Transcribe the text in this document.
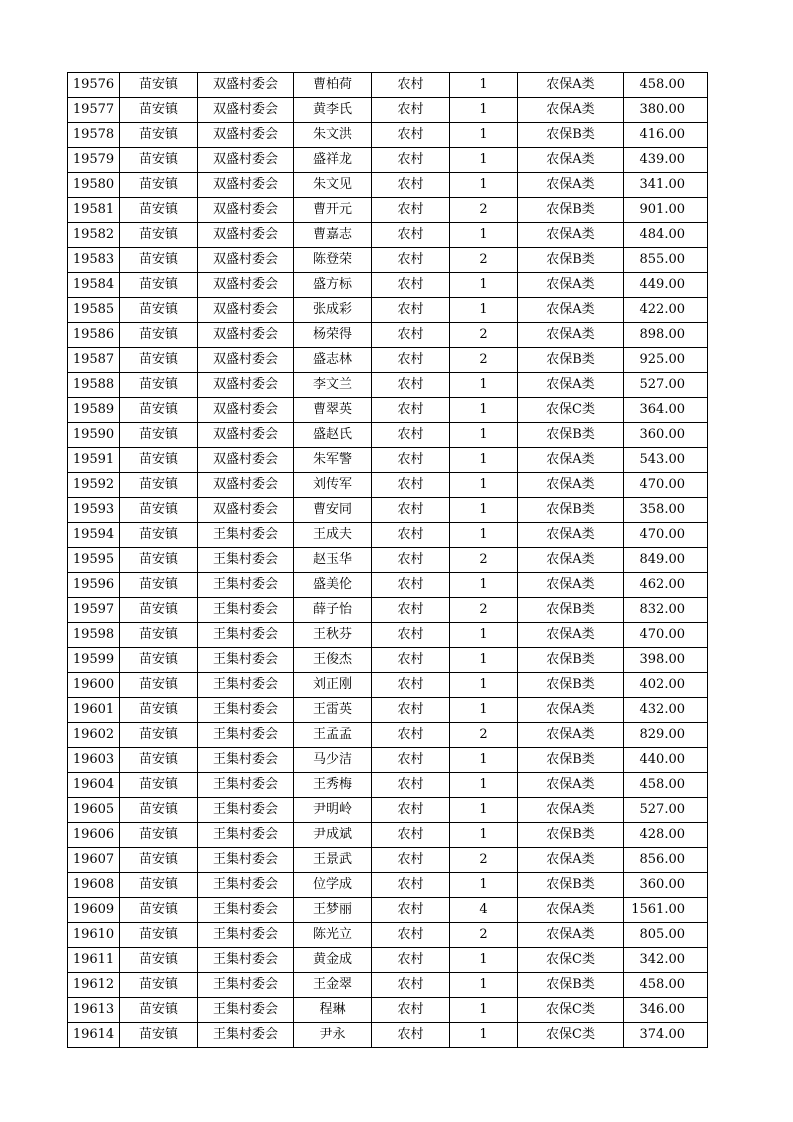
19576	苗安镇	双盛村委会	曹柏荷	农村	1	农保A类	458.00
19577	苗安镇	双盛村委会	黄李氏	农村	1	农保A类	380.00
19578	苗安镇	双盛村委会	朱文洪	农村	1	农保B类	416.00
19579	苗安镇	双盛村委会	盛祥龙	农村	1	农保A类	439.00
19580	苗安镇	双盛村委会	朱文见	农村	1	农保A类	341.00
19581	苗安镇	双盛村委会	曹开元	农村	2	农保B类	901.00
19582	苗安镇	双盛村委会	曹嘉志	农村	1	农保A类	484.00
19583	苗安镇	双盛村委会	陈登荣	农村	2	农保B类	855.00
19584	苗安镇	双盛村委会	盛方标	农村	1	农保A类	449.00
19585	苗安镇	双盛村委会	张成彩	农村	1	农保A类	422.00
19586	苗安镇	双盛村委会	杨荣得	农村	2	农保A类	898.00
19587	苗安镇	双盛村委会	盛志林	农村	2	农保B类	925.00
19588	苗安镇	双盛村委会	李文兰	农村	1	农保A类	527.00
19589	苗安镇	双盛村委会	曹翠英	农村	1	农保C类	364.00
19590	苗安镇	双盛村委会	盛赵氏	农村	1	农保B类	360.00
19591	苗安镇	双盛村委会	朱军警	农村	1	农保A类	543.00
19592	苗安镇	双盛村委会	刘传军	农村	1	农保A类	470.00
19593	苗安镇	双盛村委会	曹安同	农村	1	农保B类	358.00
19594	苗安镇	王集村委会	王成夫	农村	1	农保A类	470.00
19595	苗安镇	王集村委会	赵玉华	农村	2	农保A类	849.00
19596	苗安镇	王集村委会	盛美伦	农村	1	农保A类	462.00
19597	苗安镇	王集村委会	薛子怡	农村	2	农保B类	832.00
19598	苗安镇	王集村委会	王秋芬	农村	1	农保A类	470.00
19599	苗安镇	王集村委会	王俊杰	农村	1	农保B类	398.00
19600	苗安镇	王集村委会	刘正刚	农村	1	农保B类	402.00
19601	苗安镇	王集村委会	王雷英	农村	1	农保A类	432.00
19602	苗安镇	王集村委会	王孟孟	农村	2	农保A类	829.00
19603	苗安镇	王集村委会	马少洁	农村	1	农保B类	440.00
19604	苗安镇	王集村委会	王秀梅	农村	1	农保A类	458.00
19605	苗安镇	王集村委会	尹明岭	农村	1	农保A类	527.00
19606	苗安镇	王集村委会	尹成斌	农村	1	农保B类	428.00
19607	苗安镇	王集村委会	王景武	农村	2	农保A类	856.00
19608	苗安镇	王集村委会	位学成	农村	1	农保B类	360.00
19609	苗安镇	王集村委会	王梦丽	农村	4	农保A类	1561.00
19610	苗安镇	王集村委会	陈光立	农村	2	农保A类	805.00
19611	苗安镇	王集村委会	黄金成	农村	1	农保C类	342.00
19612	苗安镇	王集村委会	王金翠	农村	1	农保B类	458.00
19613	苗安镇	王集村委会	程琳	农村	1	农保C类	346.00
19614	苗安镇	王集村委会	尹永	农村	1	农保C类	374.00
